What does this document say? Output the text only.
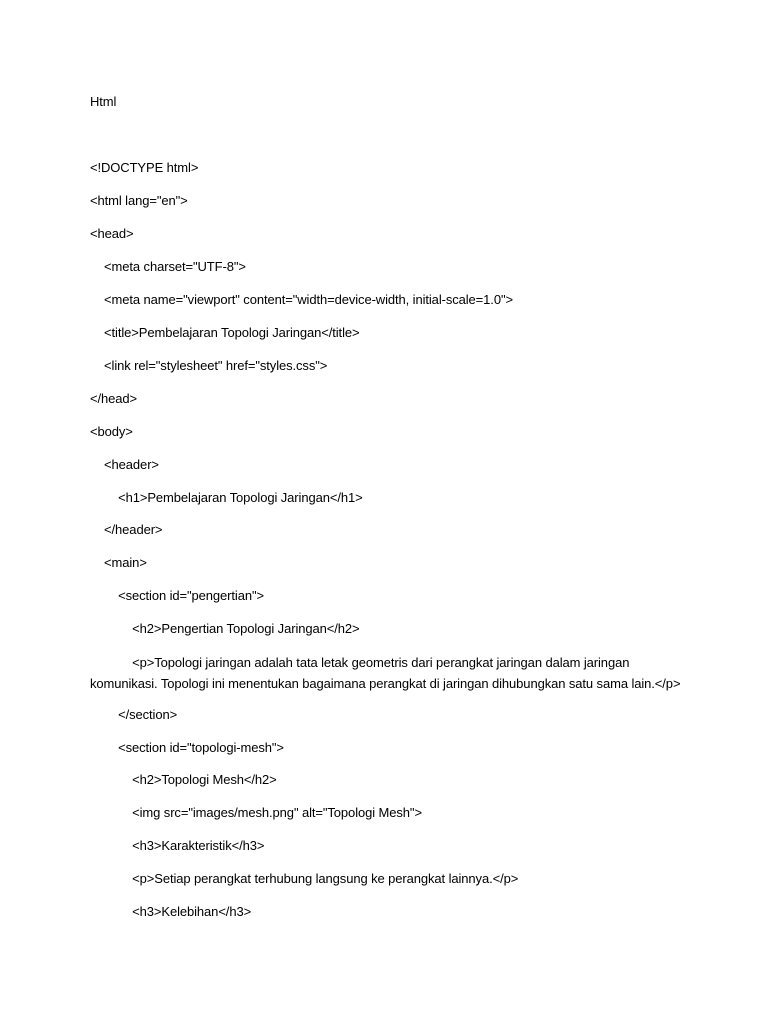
Html
<!DOCTYPE html>
<html lang="en">
<head>
<meta charset="UTF-8">
<meta name="viewport" content="width=device-width, initial-scale=1.0">
<title>Pembelajaran Topologi Jaringan</title>
<link rel="stylesheet" href="styles.css">
</head>
<body>
<header>
<h1>Pembelajaran Topologi Jaringan</h1>
</header>
<main>
<section id="pengertian">
<h2>Pengertian Topologi Jaringan</h2>
<p>Topologi jaringan adalah tata letak geometris dari perangkat jaringan dalam jaringan
komunikasi. Topologi ini menentukan bagaimana perangkat di jaringan dihubungkan satu sama lain.</p>
</section>
<section id="topologi-mesh">
<h2>Topologi Mesh</h2>
<img src="images/mesh.png" alt="Topologi Mesh">
<h3>Karakteristik</h3>
<p>Setiap perangkat terhubung langsung ke perangkat lainnya.</p>
<h3>Kelebihan</h3>
